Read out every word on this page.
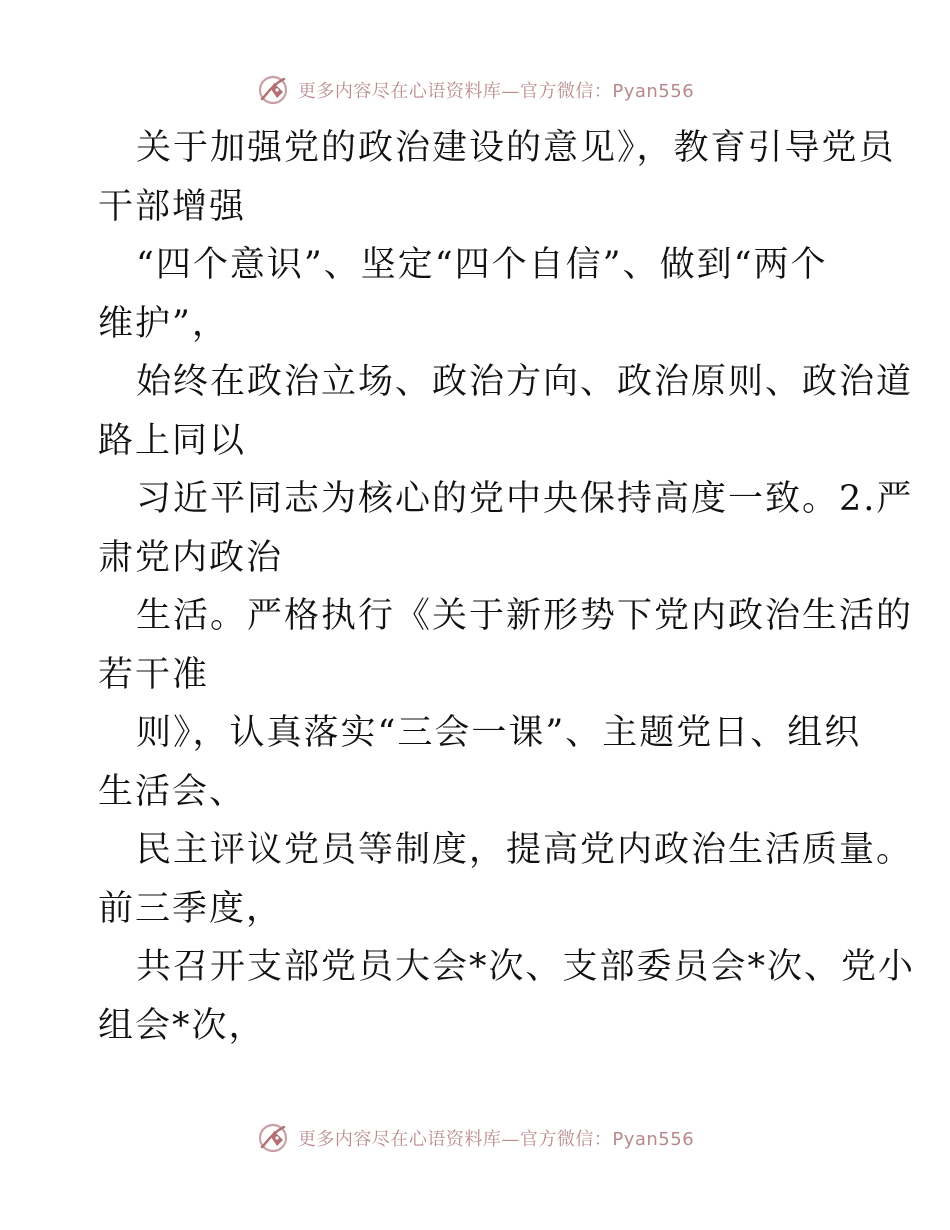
更多内容尽在心语资料库—官方微信：Pyan556
关于加强党的政治建设的意见》，教育引导党员
干部增强
“四个意识”、坚定“四个自信”、做到“两个
维护”，
始终在政治立场、政治方向、政治原则、政治道
路上同以
习近平同志为核心的党中央保持高度一致。2.严
肃党内政治
生活。严格执行《关于新形势下党内政治生活的
若干准
则》，认真落实“三会一课”、主题党日、组织
生活会、
民主评议党员等制度，提高党内政治生活质量。
前三季度，
共召开支部党员大会*次、支部委员会*次、党小
组会*次，
更多内容尽在心语资料库—官方微信：Pyan556
